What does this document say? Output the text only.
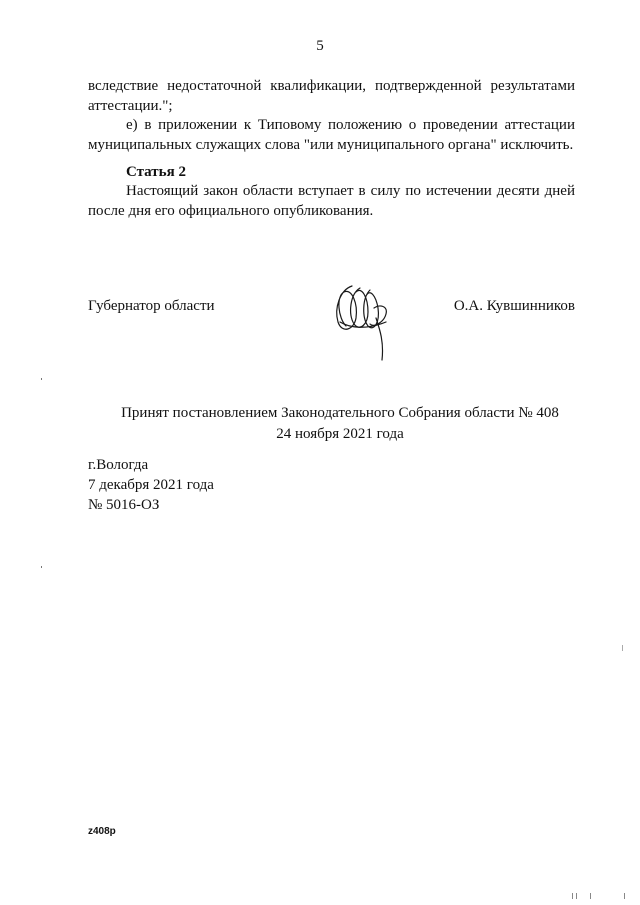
5
вследствие недостаточной квалификации, подтвержденной результатами
аттестации.";
е) в приложении к Типовому положению о проведении аттестации
муниципальных служащих слова "или муниципального органа" исключить.
Статья 2
Настоящий закон области вступает в силу по истечении десяти дней
после дня его официального опубликования.
Губернатор области	О.А. Кувшинников
Принят постановлением Законодательного Собрания области № 408
24 ноября 2021 года
г.Вологда
7 декабря 2021 года
№ 5016-ОЗ
z408p
